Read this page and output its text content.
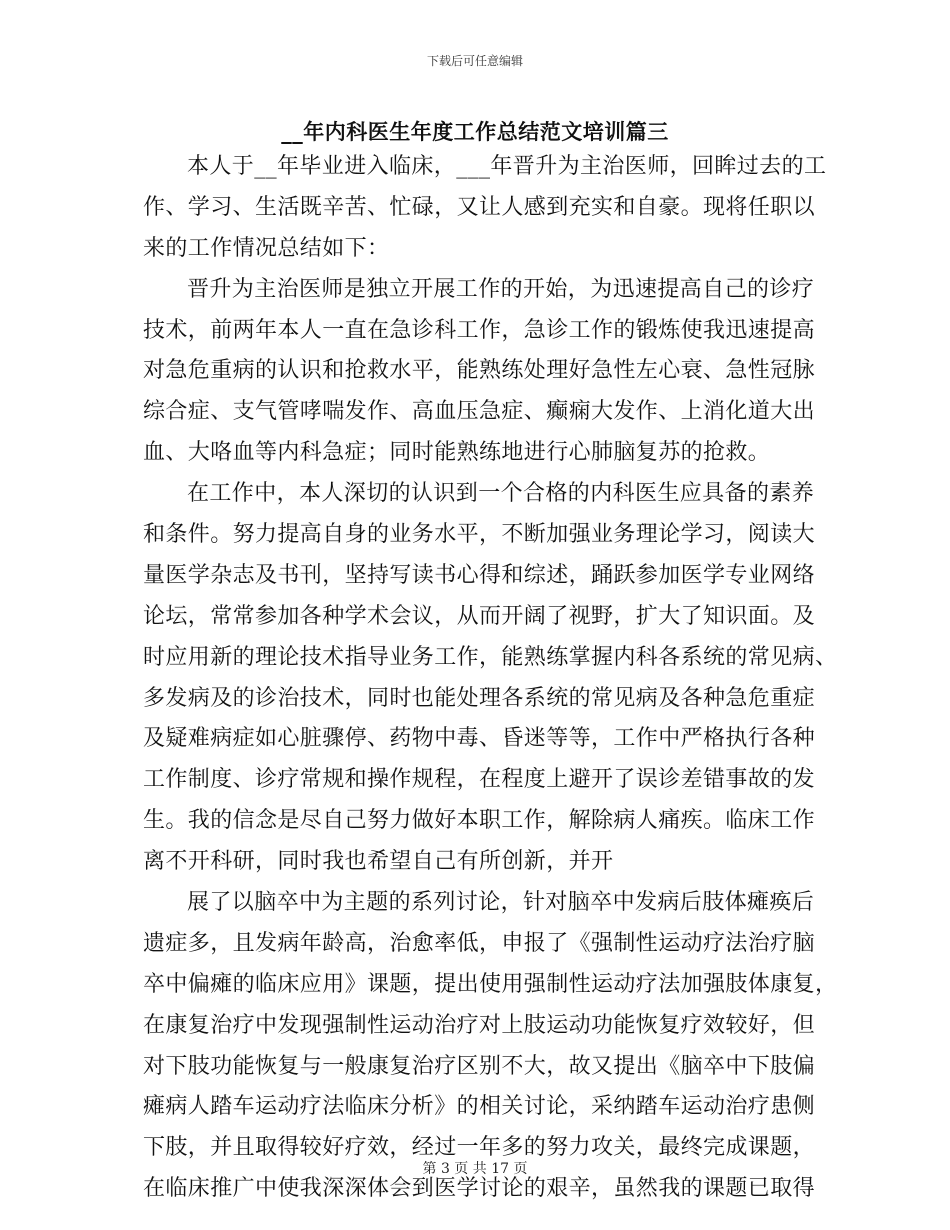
下载后可任意编辑
__年内科医生年度工作总结范文培训篇三
本人于__年毕业进入临床，___年晋升为主治医师，回眸过去的工
作、学习、生活既辛苦、忙碌，又让人感到充实和自豪。现将任职以
来的工作情况总结如下：
晋升为主治医师是独立开展工作的开始，为迅速提高自己的诊疗
技术，前两年本人一直在急诊科工作，急诊工作的锻炼使我迅速提高
对急危重病的认识和抢救水平，能熟练处理好急性左心衰、急性冠脉
综合症、支气管哮喘发作、高血压急症、癫痫大发作、上消化道大出
血、大咯血等内科急症；同时能熟练地进行心肺脑复苏的抢救。
在工作中，本人深切的认识到一个合格的内科医生应具备的素养
和条件。努力提高自身的业务水平，不断加强业务理论学习，阅读大
量医学杂志及书刊，坚持写读书心得和综述，踊跃参加医学专业网络
论坛，常常参加各种学术会议，从而开阔了视野，扩大了知识面。及
时应用新的理论技术指导业务工作，能熟练掌握内科各系统的常见病、
多发病及的诊治技术，同时也能处理各系统的常见病及各种急危重症
及疑难病症如心脏骤停、药物中毒、昏迷等等，工作中严格执行各种
工作制度、诊疗常规和操作规程，在程度上避开了误诊差错事故的发
生。我的信念是尽自己努力做好本职工作，解除病人痛疾。临床工作
离不开科研，同时我也希望自己有所创新，并开
展了以脑卒中为主题的系列讨论，针对脑卒中发病后肢体瘫痪后
遗症多，且发病年龄高，治愈率低，申报了《强制性运动疗法治疗脑
卒中偏瘫的临床应用》课题，提出使用强制性运动疗法加强肢体康复，
在康复治疗中发现强制性运动治疗对上肢运动功能恢复疗效较好，但
对下肢功能恢复与一般康复治疗区别不大，故又提出《脑卒中下肢偏
瘫病人踏车运动疗法临床分析》的相关讨论，采纳踏车运动治疗患侧
下肢，并且取得较好疗效，经过一年多的努力攻关，最终完成课题，
在临床推广中使我深深体会到医学讨论的艰辛，虽然我的课题已取得
第 3 页 共 17 页
